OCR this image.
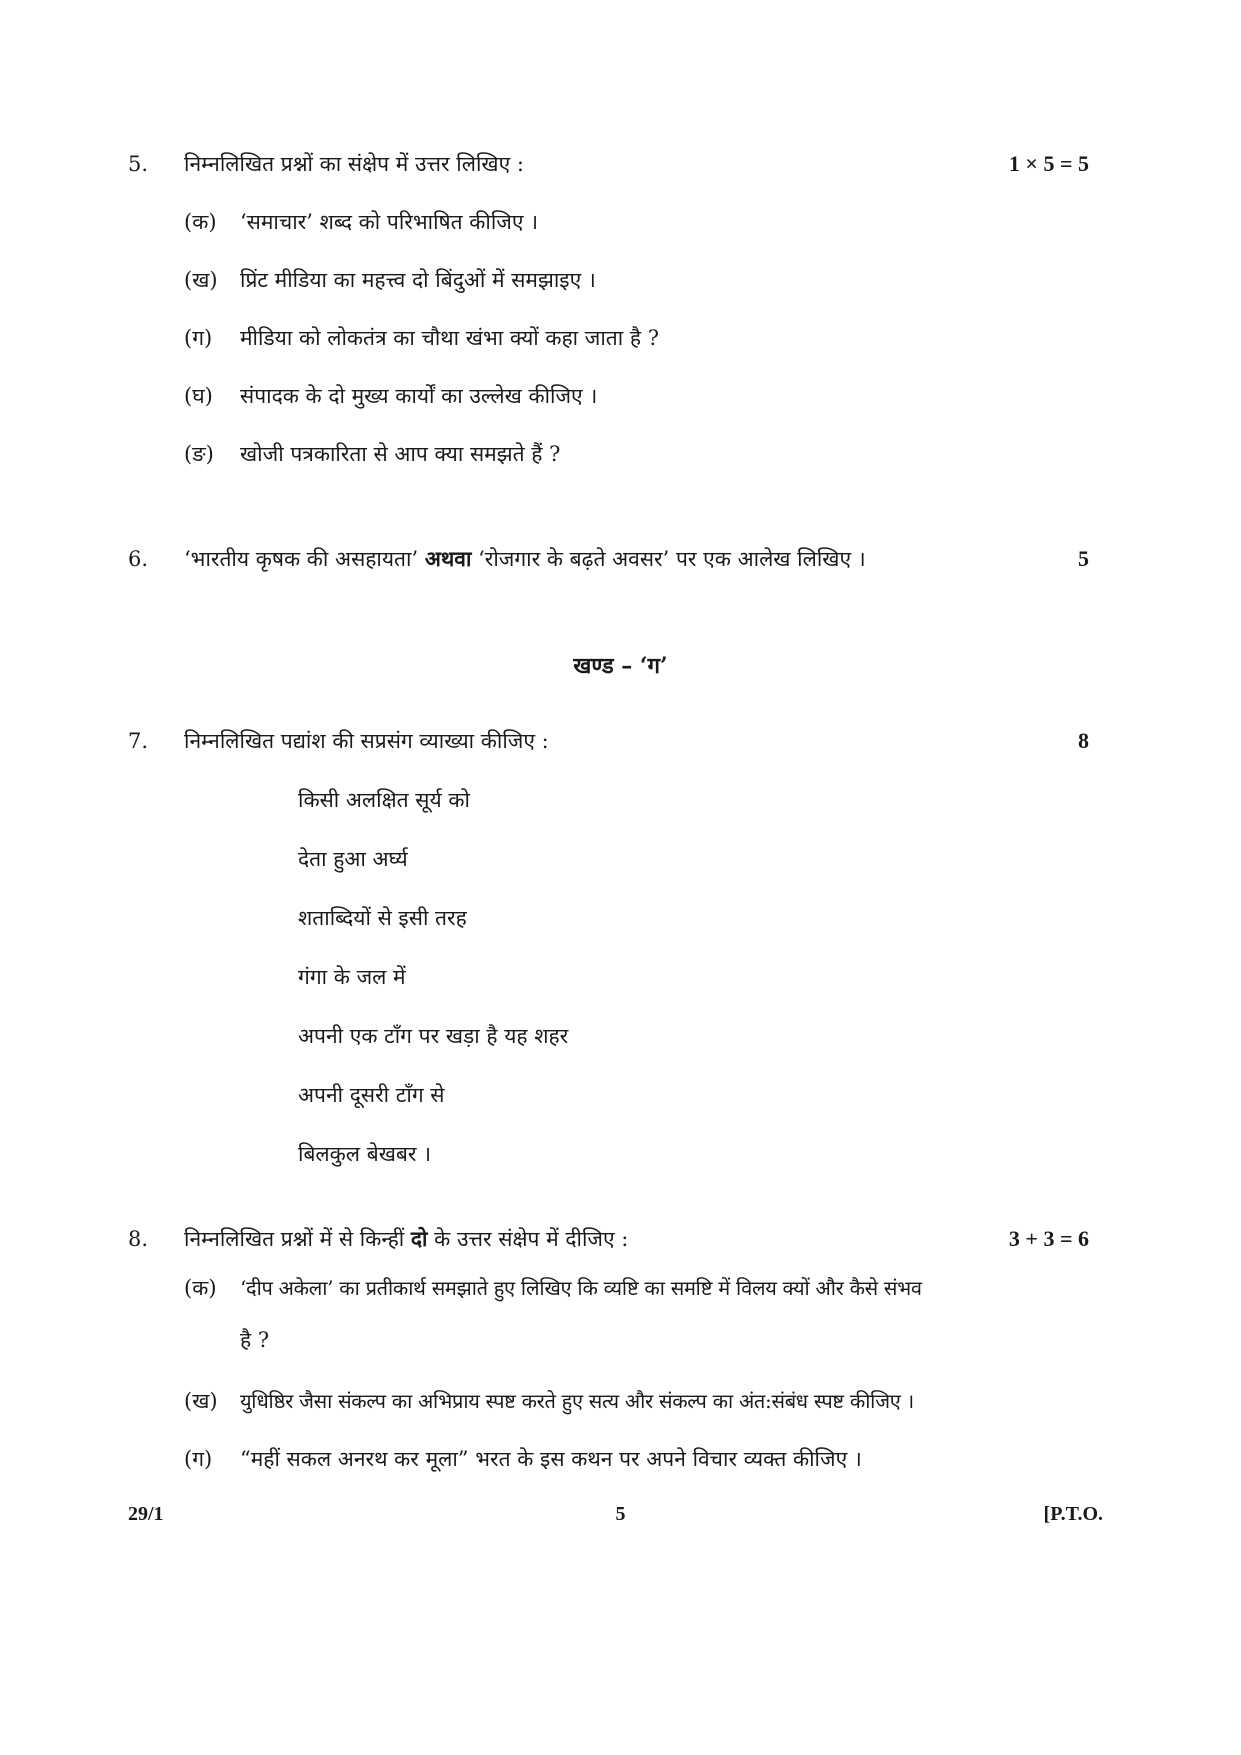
5. निम्नलिखित प्रश्नों का संक्षेप में उत्तर लिखिए :	1 × 5 = 5
(क) ‘समाचार’ शब्द को परिभाषित कीजिए ।
(ख) प्रिंट मीडिया का महत्त्व दो बिंदुओं में समझाइए ।
(ग) मीडिया को लोकतंत्र का चौथा खंभा क्यों कहा जाता है ?
(घ) संपादक के दो मुख्य कार्यों का उल्लेख कीजिए ।
(ङ) खोजी पत्रकारिता से आप क्या समझते हैं ?
6. ‘भारतीय कृषक की असहायता’ अथवा ‘रोजगार के बढ़ते अवसर’ पर एक आलेख लिखिए ।	5
खण्ड – ‘ग’
7. निम्नलिखित पद्यांश की सप्रसंग व्याख्या कीजिए :	8
किसी अलक्षित सूर्य को
देता हुआ अर्घ्य
शताब्दियों से इसी तरह
गंगा के जल में
अपनी एक टाँग पर खड़ा है यह शहर
अपनी दूसरी टाँग से
बिलकुल बेखबर ।
8. निम्नलिखित प्रश्नों में से किन्हीं दो के उत्तर संक्षेप में दीजिए :	3 + 3 = 6
(क) ‘दीप अकेला’ का प्रतीकार्थ समझाते हुए लिखिए कि व्यष्टि का समष्टि में विलय क्यों और कैसे संभव
है ?
(ख) युधिष्ठिर जैसा संकल्प का अभिप्राय स्पष्ट करते हुए सत्य और संकल्प का अंत:संबंध स्पष्ट कीजिए ।
(ग) “महीं सकल अनरथ कर मूला” भरत के इस कथन पर अपने विचार व्यक्त कीजिए ।
29/1	5	[P.T.O.
